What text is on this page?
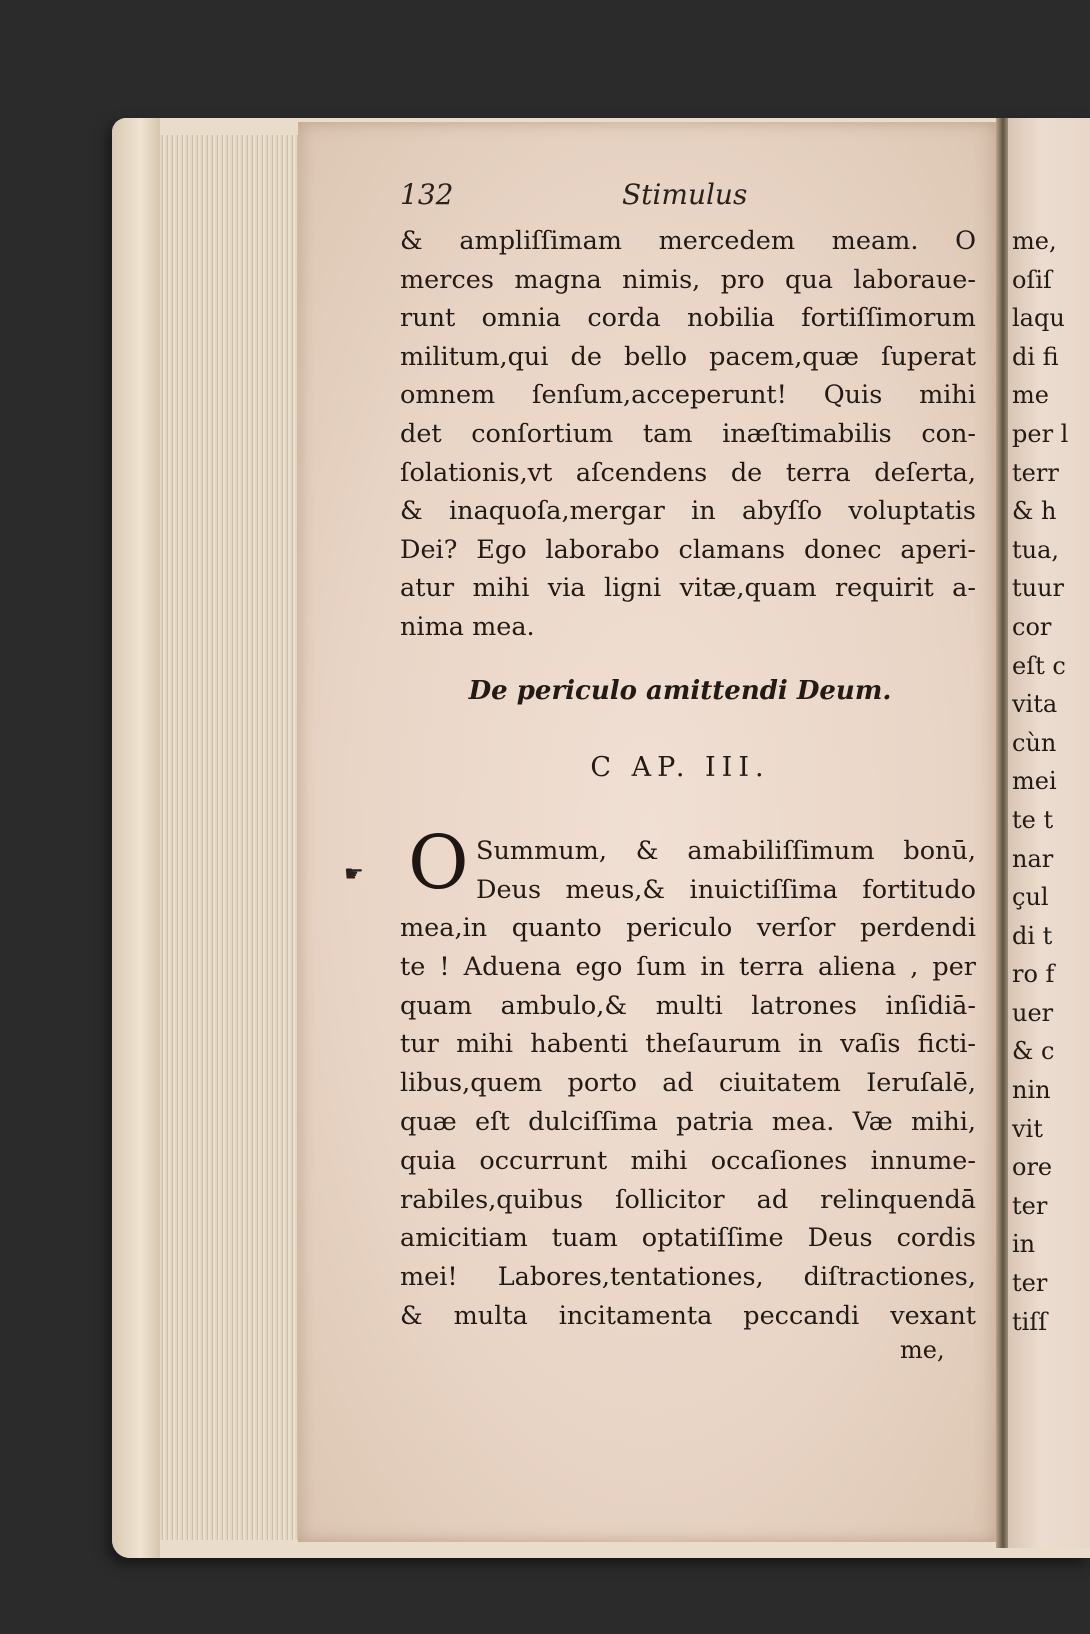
132	Stimulus
& ampliſſimam mercedem meam. O
merces magna nimis, pro qua laboraue-
runt omnia corda nobilia fortiſſimorum
militum,qui de bello pacem,quæ ſuperat
omnem ſenſum,acceperunt! Quis mihi
det conſortium tam inæſtimabilis con-
ſolationis,vt aſcendens de terra deſerta,
& inaquoſa,mergar in abyſſo voluptatis
Dei? Ego laborabo clamans donec aperi-
atur mihi via ligni vitæ,quam requirit a-
nima mea.
De periculo amittendi Deum.
C AP. III.
☛ O Summum, & amabiliſſimum bonū,
Deus meus,& inuictiſſima fortitudo
mea,in quanto periculo verſor perdendi
te ! Aduena ego ſum in terra aliena , per
quam ambulo,& multi latrones inſidiā-
tur mihi habenti theſaurum in vaſis ficti-
libus,quem porto ad ciuitatem Ieruſalē,
quæ eſt dulciſſima patria mea. Væ mihi,
quia occurrunt mihi occaſiones innume-
rabiles,quibus ſollicitor ad relinquendā
amicitiam tuam optatiſſime Deus cordis
mei! Labores,tentationes, diſtractiones,
& multa incitamenta peccandi vexant
me,
me,
oſiſ
laqu
di fi
me
per l
terr
& h
tua,
tuur
cor
eſt c
vita
cùn
mei
te t
nar
çul
di t
ro f
uer
& c
nin
vit
ore
ter
in
ter
tiſſ
